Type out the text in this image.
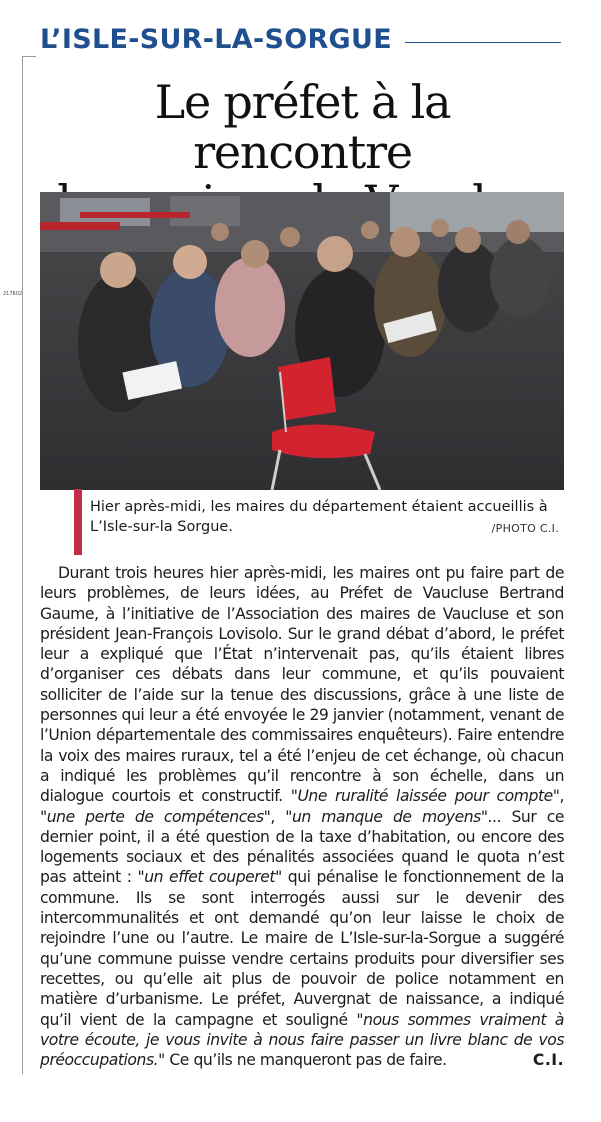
L’ISLE-SUR-LA-SORGUE
Le préfet à la rencontre
217602
Hier après-midi, les maires du département étaient accueillis à L’Isle-sur-la Sorgue.	/PHOTO C.I.
Durant trois heures hier après-midi, les maires ont pu faire part de leurs problèmes, de leurs idées, au Préfet de Vaucluse Bertrand Gaume, à l’initiative de l’Association des maires de Vaucluse et son président Jean-François Lovisolo. Sur le grand débat d’abord, le préfet leur a expliqué que l’État n’intervenait pas, qu’ils étaient libres d’organiser ces débats dans leur commune, et qu’ils pouvaient solliciter de l’aide sur la tenue des discussions, grâce à une liste de personnes qui leur a été envoyée le 29 janvier (notamment, venant de l’Union départementale des commissaires enquêteurs). Faire entendre la voix des maires ruraux, tel a été l’enjeu de cet échange, où chacun a indiqué les problèmes qu’il rencontre à son échelle, dans un dialogue courtois et constructif. "Une ruralité laissée pour compte", "une perte de compétences", "un manque de moyens"... Sur ce dernier point, il a été question de la taxe d’habitation, ou encore des logements sociaux et des pénalités associées quand le quota n’est pas atteint : "un effet couperet" qui pénalise le fonctionnement de la commune. Ils se sont interrogés aussi sur le devenir des intercommunalités et ont demandé qu’on leur laisse le choix de rejoindre l’une ou l’autre. Le maire de L’Isle-sur-la-Sorgue a suggéré qu’une commune puisse vendre certains produits pour diversifier ses recettes, ou qu’elle ait plus de pouvoir de police notamment en matière d’urbanisme. Le préfet, Auvergnat de naissance, a indiqué qu’il vient de la campagne et souligné "nous sommes vraiment à votre écoute, je vous invite à nous faire passer un livre blanc de vos préoccupations." Ce qu’ils ne manqueront pas de faire.	C.I.
